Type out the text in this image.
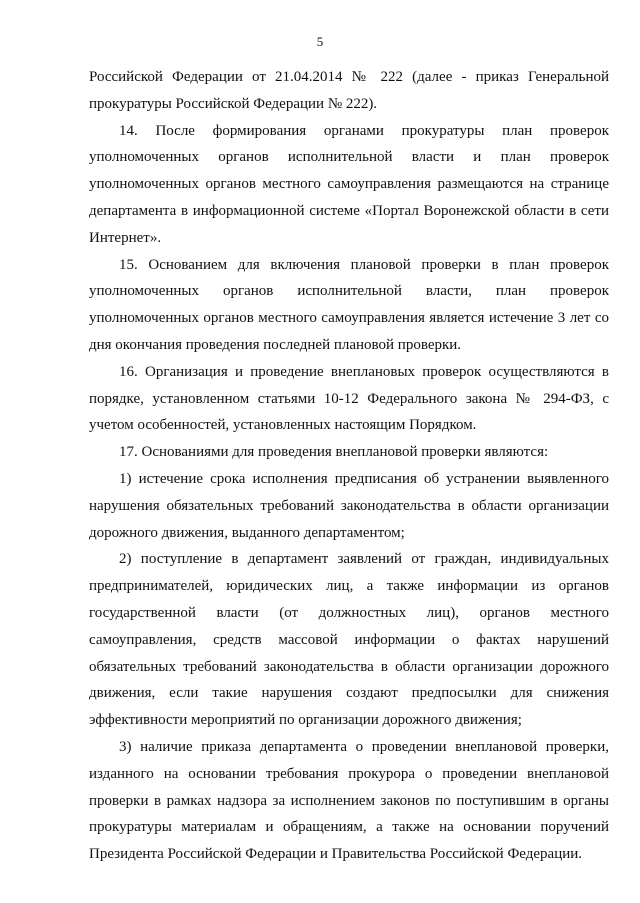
5

Российской Федерации от 21.04.2014 № 222 (далее - приказ Генеральной прокуратуры Российской Федерации № 222).

14. После формирования органами прокуратуры план проверок уполномоченных органов исполнительной власти и план проверок уполномоченных органов местного самоуправления размещаются на странице департамента в информационной системе «Портал Воронежской области в сети Интернет».

15. Основанием для включения плановой проверки в план проверок уполномоченных органов исполнительной власти, план проверок уполномоченных органов местного самоуправления является истечение 3 лет со дня окончания проведения последней плановой проверки.

16. Организация и проведение внеплановых проверок осуществляются в порядке, установленном статьями 10-12 Федерального закона № 294-ФЗ, с учетом особенностей, установленных настоящим Порядком.

17. Основаниями для проведения внеплановой проверки являются:

1) истечение срока исполнения предписания об устранении выявленного нарушения обязательных требований законодательства в области организации дорожного движения, выданного департаментом;

2) поступление в департамент заявлений от граждан, индивидуальных предпринимателей, юридических лиц, а также информации из органов государственной власти (от должностных лиц), органов местного самоуправления, средств массовой информации о фактах нарушений обязательных требований законодательства в области организации дорожного движения, если такие нарушения создают предпосылки для снижения эффективности мероприятий по организации дорожного движения;

3) наличие приказа департамента о проведении внеплановой проверки, изданного на основании требования прокурора о проведении внеплановой проверки в рамках надзора за исполнением законов по поступившим в органы прокуратуры материалам и обращениям, а также на основании поручений Президента Российской Федерации и Правительства Российской Федерации.
